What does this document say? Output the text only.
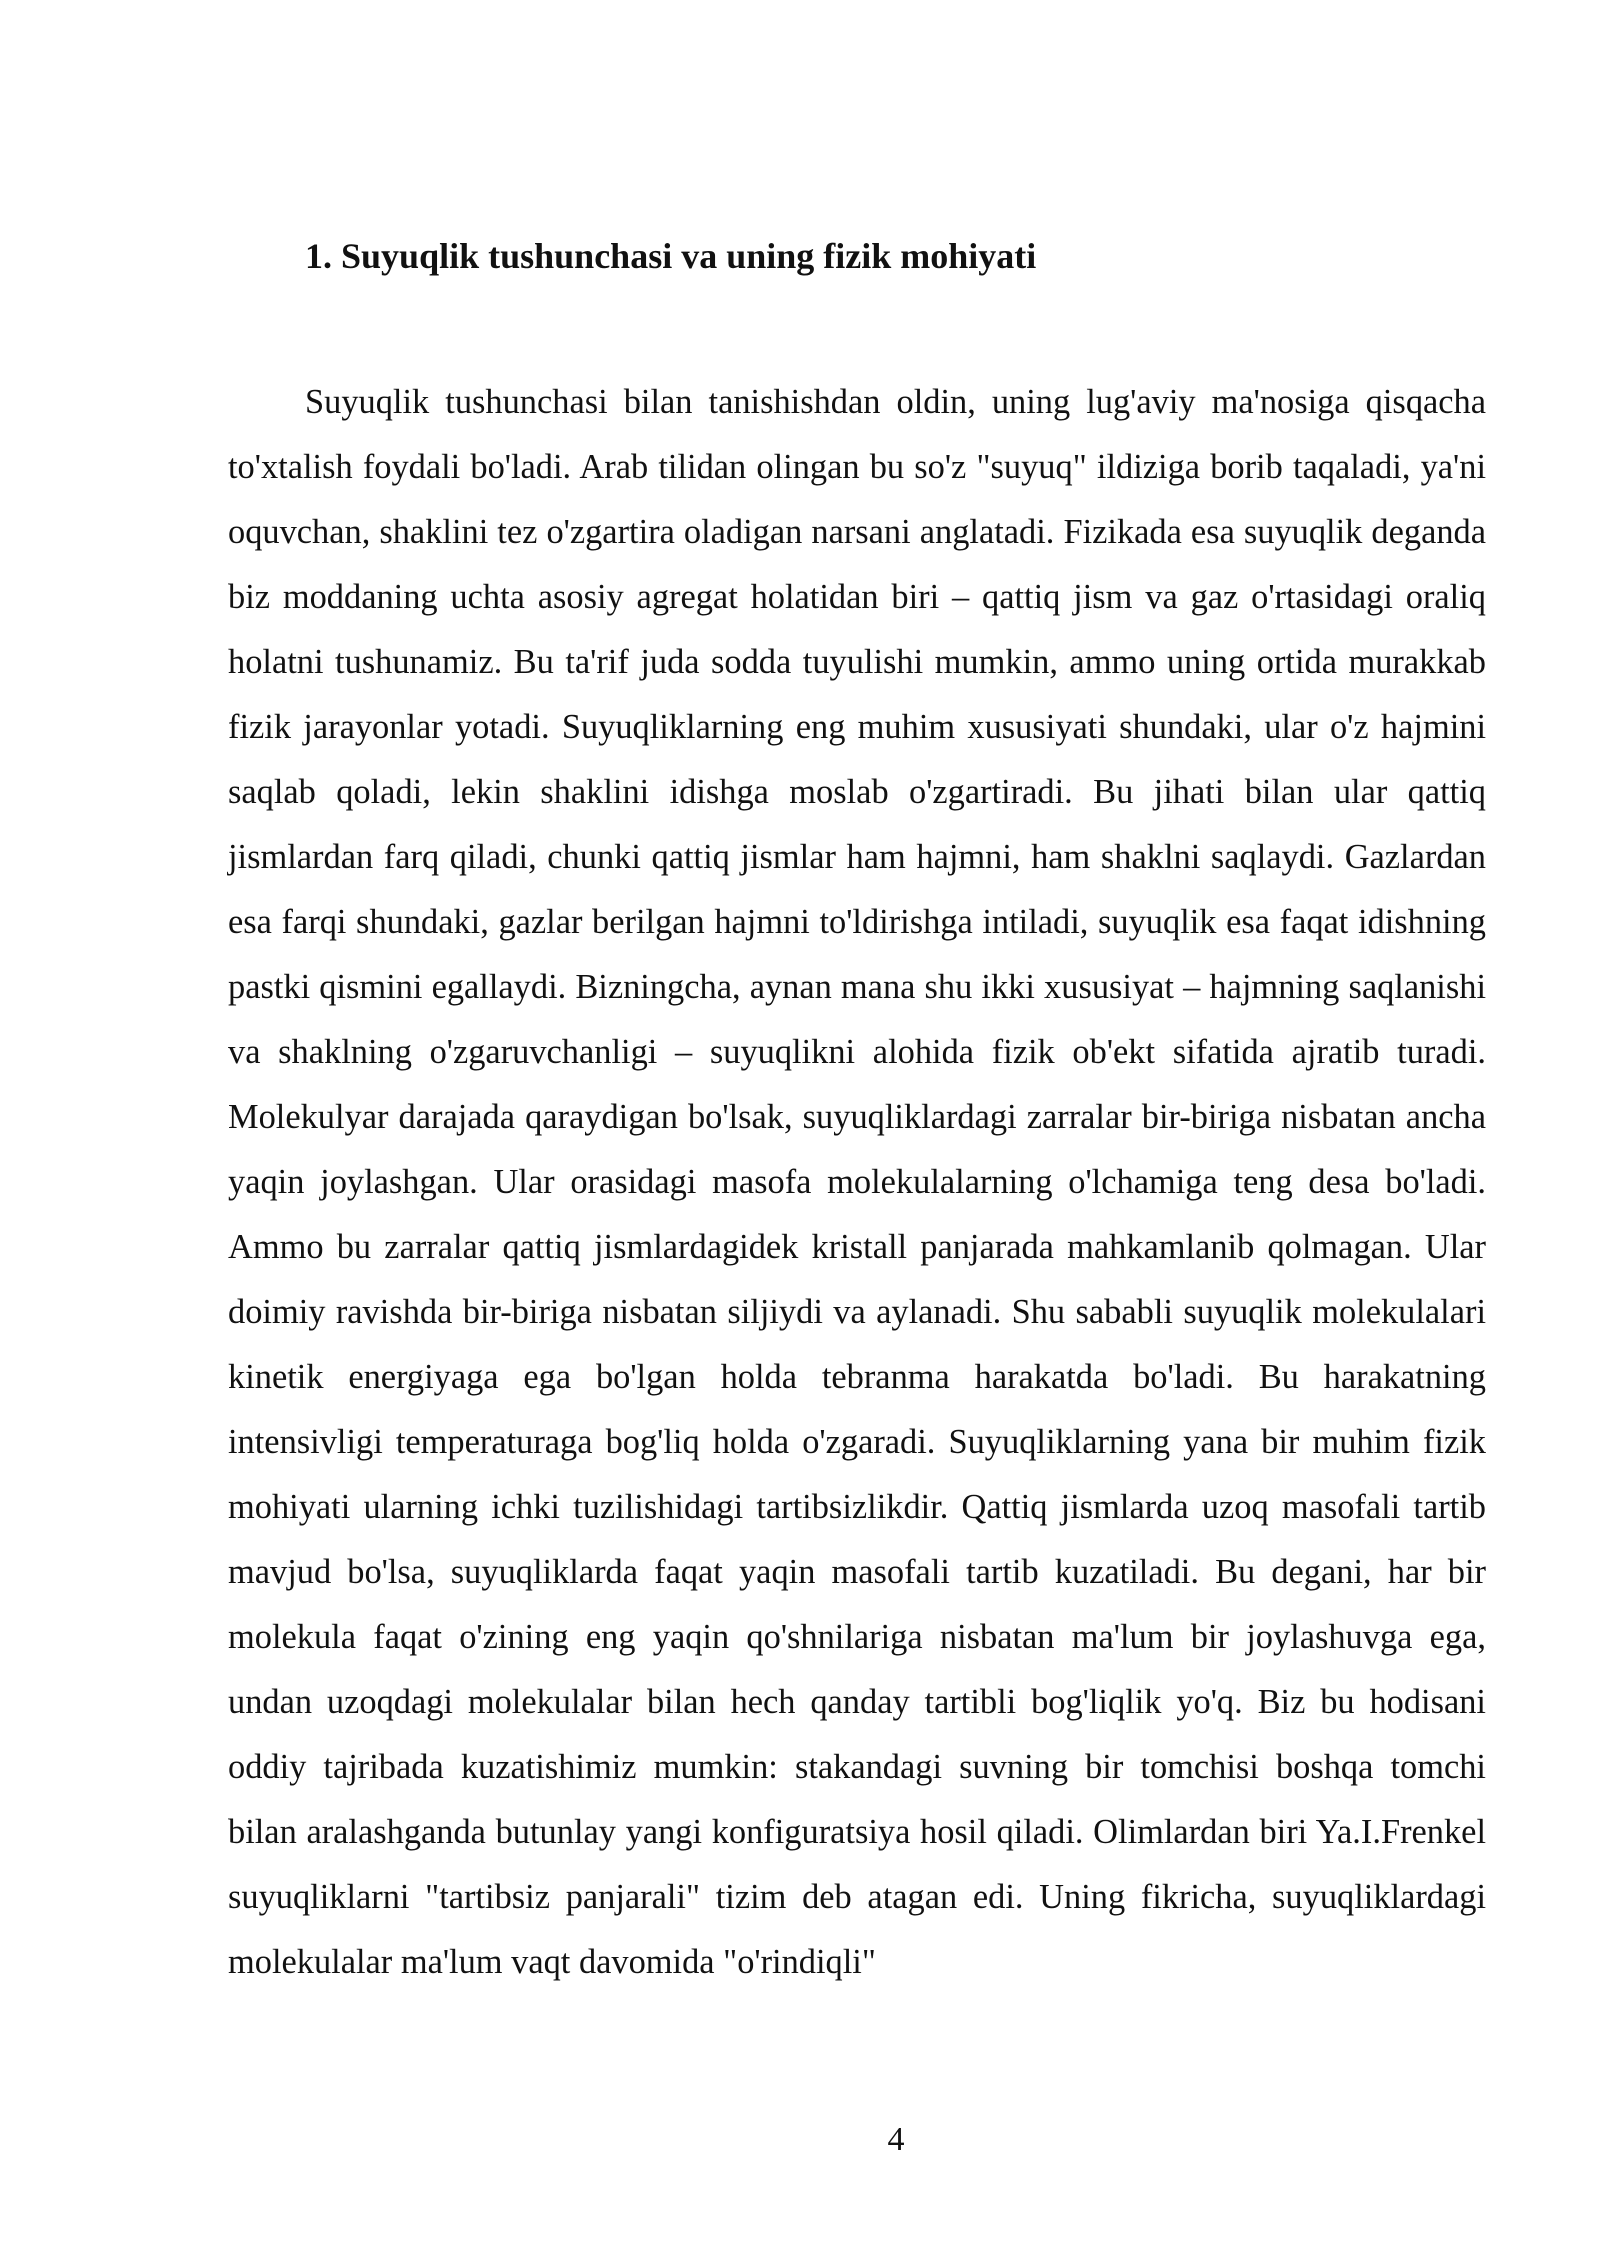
1. Suyuqlik tushunchasi va uning fizik mohiyati

Suyuqlik tushunchasi bilan tanishishdan oldin, uning lug'aviy ma'nosiga qisqacha to'xtalish foydali bo'ladi. Arab tilidan olingan bu so'z "suyuq" ildiziga borib taqaladi, ya'ni oquvchan, shaklini tez o'zgartira oladigan narsani anglatadi. Fizikada esa suyuqlik deganda biz moddaning uchta asosiy agregat holatidan biri – qattiq jism va gaz o'rtasidagi oraliq holatni tushunamiz. Bu ta'rif juda sodda tuyulishi mumkin, ammo uning ortida murakkab fizik jarayonlar yotadi. Suyuqliklarning eng muhim xususiyati shundaki, ular o'z hajmini saqlab qoladi, lekin shaklini idishga moslab o'zgartiradi. Bu jihati bilan ular qattiq jismlardan farq qiladi, chunki qattiq jismlar ham hajmni, ham shaklni saqlaydi. Gazlardan esa farqi shundaki, gazlar berilgan hajmni to'ldirishga intiladi, suyuqlik esa faqat idishning pastki qismini egallaydi. Bizningcha, aynan mana shu ikki xususiyat – hajmning saqlanishi va shaklning o'zgaruvchanligi – suyuqlikni alohida fizik ob'ekt sifatida ajratib turadi. Molekulyar darajada qaraydigan bo'lsak, suyuqliklardagi zarralar bir-biriga nisbatan ancha yaqin joylashgan. Ular orasidagi masofa molekulalarning o'lchamiga teng desa bo'ladi. Ammo bu zarralar qattiq jismlardagidek kristall panjarada mahkamlanib qolmagan. Ular doimiy ravishda bir-biriga nisbatan siljiydi va aylanadi. Shu sababli suyuqlik molekulalari kinetik energiyaga ega bo'lgan holda tebranma harakatda bo'ladi. Bu harakatning intensivligi temperaturaga bog'liq holda o'zgaradi. Suyuqliklarning yana bir muhim fizik mohiyati ularning ichki tuzilishidagi tartibsizlikdir. Qattiq jismlarda uzoq masofali tartib mavjud bo'lsa, suyuqliklarda faqat yaqin masofali tartib kuzatiladi. Bu degani, har bir molekula faqat o'zining eng yaqin qo'shnilariga nisbatan ma'lum bir joylashuvga ega, undan uzoqdagi molekulalar bilan hech qanday tartibli bog'liqlik yo'q. Biz bu hodisani oddiy tajribada kuzatishimiz mumkin: stakandagi suvning bir tomchisi boshqa tomchi bilan aralashganda butunlay yangi konfiguratsiya hosil qiladi. Olimlardan biri Ya.I.Frenkel suyuqliklarni "tartibsiz panjarali" tizim deb atagan edi. Uning fikricha, suyuqliklardagi molekulalar ma'lum vaqt davomida "o'rindiqli"

4
